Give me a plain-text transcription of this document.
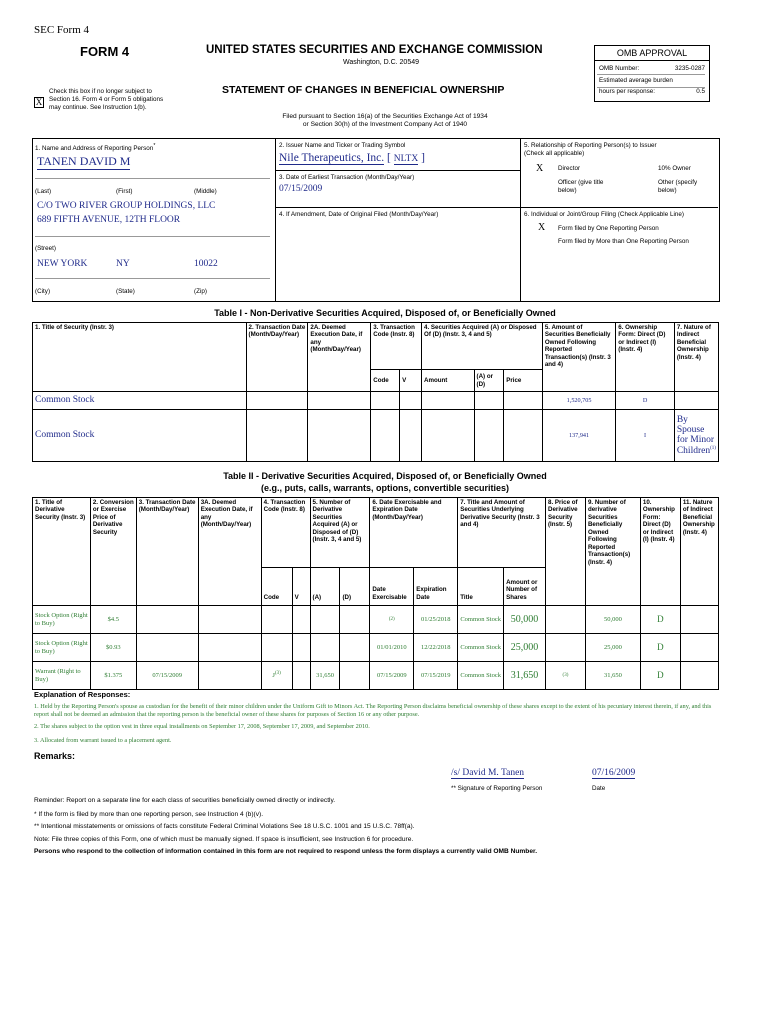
SEC Form 4
FORM 4	UNITED STATES SECURITIES AND EXCHANGE COMMISSION
Washington, D.C. 20549
X
Check this box if no longer subject to
Section 16. Form 4 or Form 5 obligations
may continue. See Instruction 1(b).
STATEMENT OF CHANGES IN BENEFICIAL OWNERSHIP
OMB APPROVAL
OMB Number:	3235-0287
Estimated average burden
hours per response:	0.5
Filed pursuant to Section 16(a) of the Securities Exchange Act of 1934
or Section 30(h) of the Investment Company Act of 1940
1. Name and Address of Reporting Person*
TANEN DAVID M
(Last)	(First)	(Middle)
C/O TWO RIVER GROUP HOLDINGS, LLC
689 FIFTH AVENUE, 12TH FLOOR
(Street)
NEW YORK	NY	10022
(City)	(State)	(Zip)
2. Issuer Name and Ticker or Trading Symbol
Nile Therapeutics, Inc. [ NLTX ]
3. Date of Earliest Transaction (Month/Day/Year)
07/15/2009
4. If Amendment, Date of Original Filed (Month/Day/Year)
5. Relationship of Reporting Person(s) to Issuer
(Check all applicable)
X Director	10% Owner
Officer (give title
below)
Other (specify
below)
6. Individual or Joint/Group Filing (Check Applicable Line)
X Form filed by One Reporting Person
Form filed by More than One Reporting Person
Table I - Non-Derivative Securities Acquired, Disposed of, or Beneficially Owned
1. Title of Security (Instr. 3)	2. Transaction Date (Month/Day/Year)	2A. Deemed Execution Date, if any (Month/Day/Year)	3. Transaction Code (Instr. 8)		4. Securities Acquired (A) or Disposed Of (D) (Instr. 3, 4 and 5)			5. Amount of Securities Beneficially Owned Following Reported Transaction(s) (Instr. 3 and 4)	6. Ownership Form: Direct (D) or Indirect (I) (Instr. 4)	7. Nature of Indirect Beneficial Ownership (Instr. 4)
			Code	V	Amount	(A) or (D)	Price			
Common Stock								1,520,705	D	
Common Stock								137,941	I	By Spouse for Minor Children$^{(1)}$
Table II - Derivative Securities Acquired, Disposed of, or Beneficially Owned
(e.g., puts, calls, warrants, options, convertible securities)
1. Title of Derivative Security (Instr. 3)	2. Conversion or Exercise Price of Derivative Security	3. Transaction Date (Month/Day/Year)	3A. Deemed Execution Date, if any (Month/Day/Year)	4. Transaction Code (Instr. 8)		5. Number of Derivative Securities Acquired (A) or Disposed of (D) (Instr. 3, 4 and 5)		6. Date Exercisable and Expiration Date (Month/Day/Year)		7. Title and Amount of Securities Underlying Derivative Security (Instr. 3 and 4)		8. Price of Derivative Security (Instr. 5)	9. Number of derivative Securities Beneficially Owned Following Reported Transaction(s) (Instr. 4)	10. Ownership Form: Direct (D) or Indirect (I) (Instr. 4)	11. Nature of Indirect Beneficial Ownership (Instr. 4)
				Code	V	(A)	(D)	Date Exercisable	Expiration Date	Title	Amount or Number of Shares				
Stock Option (Right to Buy)	$4.5							(2)	01/25/2018	Common Stock	50,000		50,000	D	
Stock Option (Right to Buy)	$0.93							01/01/2010	12/22/2018	Common Stock	25,000		25,000	D	
Warrant (Right to Buy)	$1.375	07/15/2009		$J^{(3)}$		31,650		07/15/2009	07/15/2019	Common Stock	31,650	(3)	31,650	D	
Explanation of Responses:
1. Held by the Reporting Person's spouse as custodian for the benefit of their minor children under the Uniform Gift to Minors Act. The Reporting Person disclaims beneficial ownership of these shares except to the extent of his pecuniary interest therein, if any, and this report shall not be deemed an admission that the reporting person is the beneficial owner of these shares for purposes of Section 16 or any other purpose.
2. The shares subject to the option vest in three equal installments on September 17, 2008, September 17, 2009, and September 2010.
3. Allocated from warrant issued to a placement agent.
Remarks:
/s/ David M. Tanen	07/16/2009
** Signature of Reporting Person	Date
Reminder: Report on a separate line for each class of securities beneficially owned directly or indirectly.
* If the form is filed by more than one reporting person, see Instruction 4 (b)(v).
** Intentional misstatements or omissions of facts constitute Federal Criminal Violations See 18 U.S.C. 1001 and 15 U.S.C. 78ff(a).
Note: File three copies of this Form, one of which must be manually signed. If space is insufficient, see Instruction 6 for procedure.
Persons who respond to the collection of information contained in this form are not required to respond unless the form displays a currently valid OMB Number.
